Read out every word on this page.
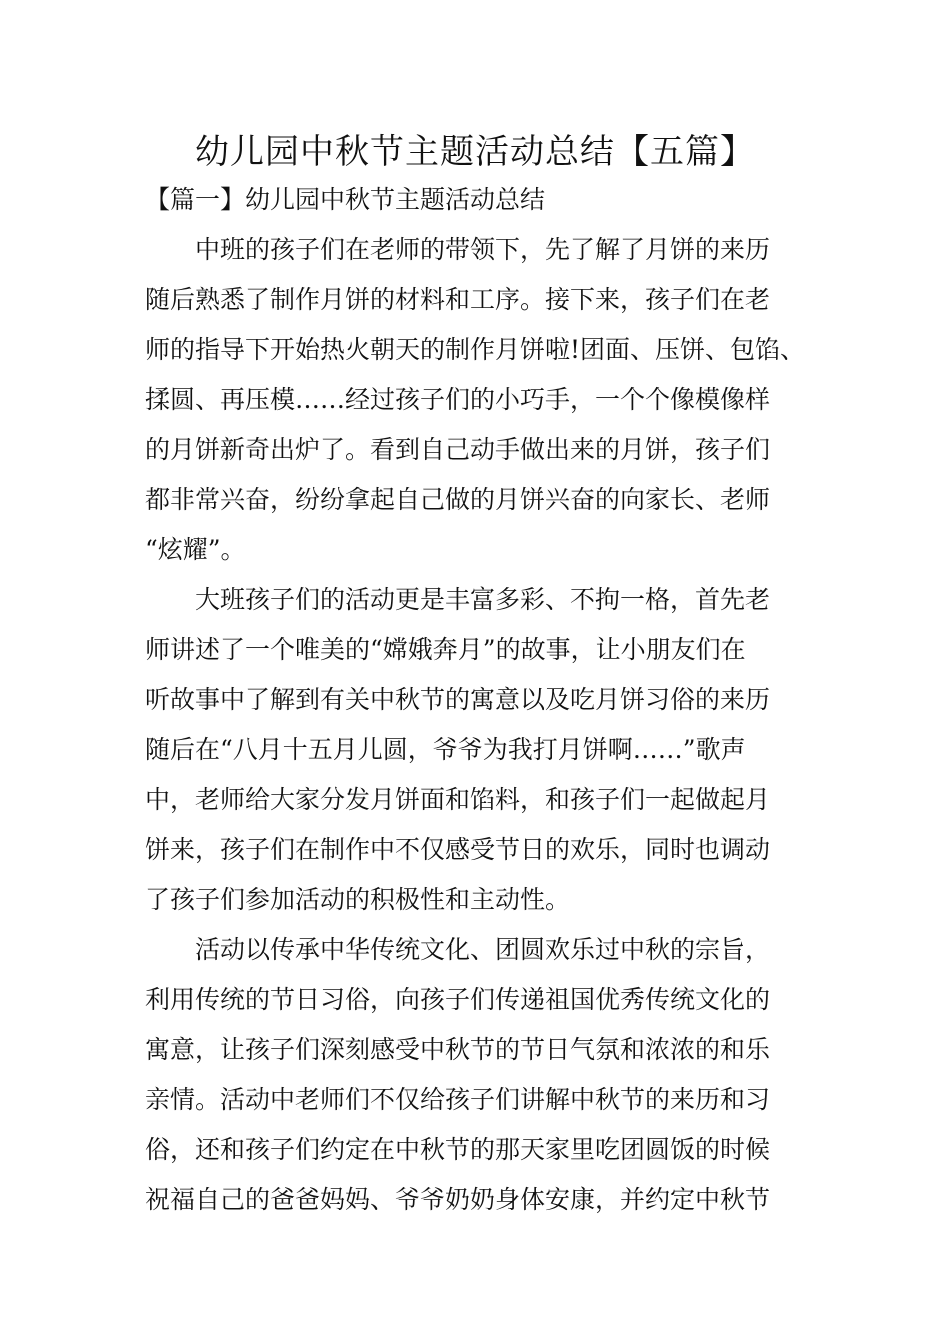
幼儿园中秋节主题活动总结【五篇】
【篇一】幼儿园中秋节主题活动总结
　　中班的孩子们在老师的带领下，先了解了月饼的来历
随后熟悉了制作月饼的材料和工序。接下来，孩子们在老
师的指导下开始热火朝天的制作月饼啦!团面、压饼、包馅、
揉圆、再压模……经过孩子们的小巧手，一个个像模像样
的月饼新奇出炉了。看到自己动手做出来的月饼，孩子们
都非常兴奋，纷纷拿起自己做的月饼兴奋的向家长、老师
“炫耀”。
　　大班孩子们的活动更是丰富多彩、不拘一格，首先老
师讲述了一个唯美的“嫦娥奔月”的故事，让小朋友们在
听故事中了解到有关中秋节的寓意以及吃月饼习俗的来历
随后在“八月十五月儿圆，爷爷为我打月饼啊……”歌声
中，老师给大家分发月饼面和馅料，和孩子们一起做起月
饼来，孩子们在制作中不仅感受节日的欢乐，同时也调动
了孩子们参加活动的积极性和主动性。
　　活动以传承中华传统文化、团圆欢乐过中秋的宗旨，
利用传统的节日习俗，向孩子们传递祖国优秀传统文化的
寓意，让孩子们深刻感受中秋节的节日气氛和浓浓的和乐
亲情。活动中老师们不仅给孩子们讲解中秋节的来历和习
俗，还和孩子们约定在中秋节的那天家里吃团圆饭的时候
祝福自己的爸爸妈妈、爷爷奶奶身体安康，并约定中秋节
